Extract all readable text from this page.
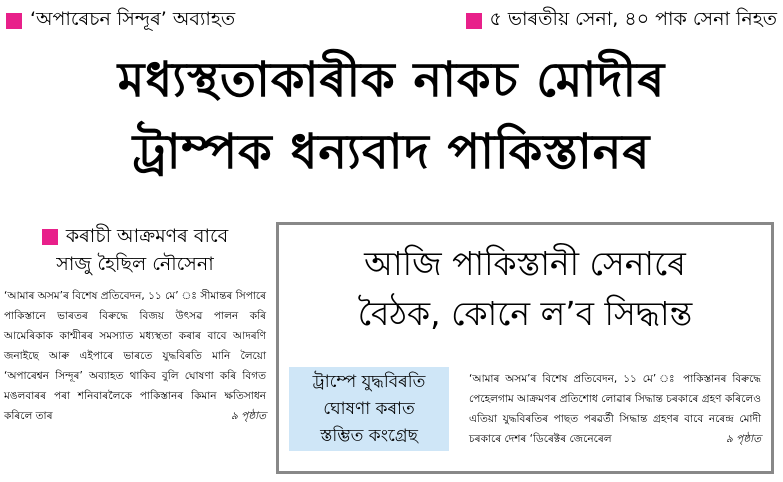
‘অপাৰেচন সিন্দূৰ’ অব্যাহত	৫ ভাৰতীয় সেনা, ৪০ পাক সেনা নিহত
মধ্যস্থতাকাৰীক নাকচ মোদীৰ
ট্ৰাম্পক ধন্যবাদ পাকিস্তানৰ
কৰাচী আক্ৰমণৰ বাবে
সাজু হৈছিল নৌসেনা

‘আমাৰ অসম’ৰ বিশেষ প্ৰতিবেদন, ১১ মে’ ঃ সীমান্তৰ সিপাৰে পাকিস্তানে ভাৰতৰ বিৰুদ্ধে বিজয় উৎসৱ পালন কৰি আমেৰিকাক কাশ্মীৰৰ সমস্যাত মধ্যস্থতা কৰাৰ বাবে আদৰণি জনাইছে আৰু এইপাৰে ভাৰতে যুদ্ধবিৰতি মানি লৈয়ো ‘অপাৰেশ্বন সিন্দূৰ’ অব্যাহত থাকিব বুলি ঘোষণা কৰি বিগত মঙলবাৰৰ পৰা শনিবাৰলৈকে পাকিস্তানৰ কিমান ক্ষতিসাধন কৰিলে তাৰ	৯ পৃষ্ঠাত

আজি পাকিস্তানী সেনাৰে
বৈঠক, কোনে ল’ব সিদ্ধান্ত
ট্ৰাম্পে যুদ্ধবিৰতি
ঘোষণা কৰাত
স্তম্ভিত কংগ্ৰেছ
‘আমাৰ অসম’ৰ বিশেষ প্ৰতিবেদন, ১১ মে’ ঃ পাকিস্তানৰ বিৰুদ্ধে পেহেলগাম আক্ৰমণৰ প্ৰতিশোধ লোৱাৰ সিদ্ধান্ত চৰকাৰে গ্ৰহণ কৰিলেও এতিয়া যুদ্ধবিৰতিৰ পাছত পৰৱৰ্তী সিদ্ধান্ত গ্ৰহণৰ বাবে নৰেন্দ্ৰ মোদী চৰকাৰে দেশৰ ‘ডিৰেক্টৰ জেনেৰেল	৯ পৃষ্ঠাত
